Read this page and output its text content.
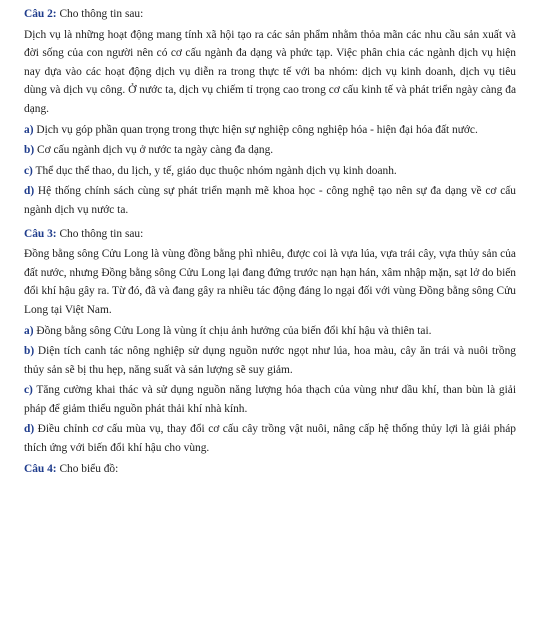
Câu 2: Cho thông tin sau:

Dịch vụ là những hoạt động mang tính xã hội tạo ra các sản phẩm nhằm thỏa mãn các nhu cầu sản xuất và đời sống của con người nên có cơ cấu ngành đa dạng và phức tạp. Việc phân chia các ngành dịch vụ hiện nay dựa vào các hoạt động dịch vụ diễn ra trong thực tế với ba nhóm: dịch vụ kinh doanh, dịch vụ tiêu dùng và dịch vụ công. Ở nước ta, dịch vụ chiếm tỉ trọng cao trong cơ cấu kinh tế và phát triển ngày càng đa dạng.

a) Dịch vụ góp phần quan trọng trong thực hiện sự nghiệp công nghiệp hóa - hiện đại hóa đất nước.

b) Cơ cấu ngành dịch vụ ở nước ta ngày càng đa dạng.

c) Thể dục thể thao, du lịch, y tế, giáo dục thuộc nhóm ngành dịch vụ kinh doanh.

d) Hệ thống chính sách cùng sự phát triển mạnh mẽ khoa học - công nghệ tạo nên sự đa dạng về cơ cấu ngành dịch vụ nước ta.

Câu 3: Cho thông tin sau:

Đồng bằng sông Cửu Long là vùng đồng bằng phì nhiêu, được coi là vựa lúa, vựa trái cây, vựa thủy sản của đất nước, nhưng Đồng bằng sông Cửu Long lại đang đứng trước nạn hạn hán, xâm nhập mặn, sạt lở do biến đổi khí hậu gây ra. Từ đó, đã và đang gây ra nhiều tác động đáng lo ngại đối với vùng Đồng bằng sông Cửu Long tại Việt Nam.

a) Đồng bằng sông Cửu Long là vùng ít chịu ảnh hưởng của biến đổi khí hậu và thiên tai.

b) Diện tích canh tác nông nghiệp sử dụng nguồn nước ngọt như lúa, hoa màu, cây ăn trái và nuôi trồng thủy sản sẽ bị thu hẹp, năng suất và sản lượng sẽ suy giảm.

c) Tăng cường khai thác và sử dụng nguồn năng lượng hóa thạch của vùng như dầu khí, than bùn là giải pháp để giảm thiểu nguồn phát thải khí nhà kính.

d) Điều chỉnh cơ cấu mùa vụ, thay đổi cơ cấu cây trồng vật nuôi, nâng cấp hệ thống thủy lợi là giải pháp thích ứng với biến đổi khí hậu cho vùng.

Câu 4: Cho biểu đồ:
